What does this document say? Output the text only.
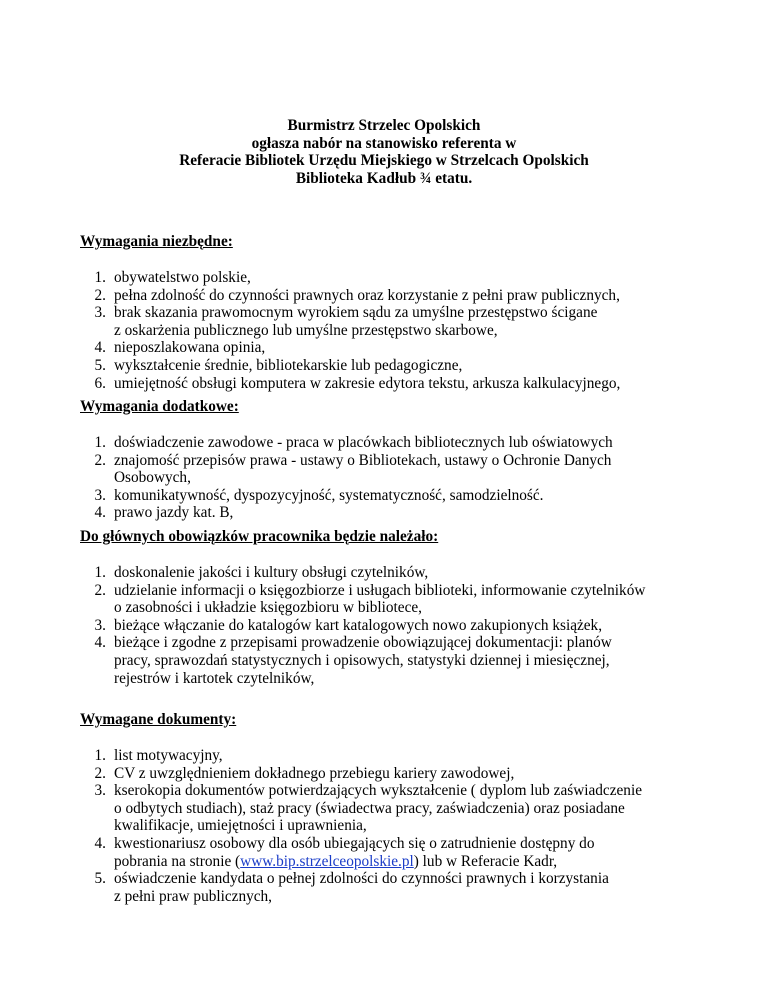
Burmistrz Strzelec Opolskich
ogłasza nabór na stanowisko referenta w
Referacie Bibliotek Urzędu Miejskiego w Strzelcach Opolskich
Biblioteka Kadłub ¾ etatu.
Wymagania niezbędne:
1. obywatelstwo polskie,
2. pełna zdolność do czynności prawnych oraz korzystanie z pełni praw publicznych,
3. brak skazania prawomocnym wyrokiem sądu za umyślne przestępstwo ścigane
z oskarżenia publicznego lub umyślne przestępstwo skarbowe,
4. nieposzlakowana opinia,
5. wykształcenie średnie, bibliotekarskie lub pedagogiczne,
6. umiejętność obsługi komputera w zakresie edytora tekstu, arkusza kalkulacyjnego,
Wymagania dodatkowe:
1. doświadczenie zawodowe - praca w placówkach bibliotecznych lub oświatowych
2. znajomość przepisów prawa - ustawy o Bibliotekach, ustawy o Ochronie Danych
Osobowych,
3. komunikatywność, dyspozycyjność, systematyczność, samodzielność.
4. prawo jazdy kat. B,
Do głównych obowiązków pracownika będzie należało:
1. doskonalenie jakości i kultury obsługi czytelników,
2. udzielanie informacji o księgozbiorze i usługach biblioteki, informowanie czytelników
o zasobności i układzie księgozbioru w bibliotece,
3. bieżące włączanie do katalogów kart katalogowych nowo zakupionych książek,
4. bieżące i zgodne z przepisami prowadzenie obowiązującej dokumentacji: planów
pracy, sprawozdań statystycznych i opisowych, statystyki dziennej i miesięcznej,
rejestrów i kartotek czytelników,
Wymagane dokumenty:
1. list motywacyjny,
2. CV z uwzględnieniem dokładnego przebiegu kariery zawodowej,
3. kserokopia dokumentów potwierdzających wykształcenie ( dyplom lub zaświadczenie
o odbytych studiach), staż pracy (świadectwa pracy, zaświadczenia) oraz posiadane
kwalifikacje, umiejętności i uprawnienia,
4. kwestionariusz osobowy dla osób ubiegających się o zatrudnienie dostępny do
pobrania na stronie (www.bip.strzelceopolskie.pl) lub w Referacie Kadr,
5. oświadczenie kandydata o pełnej zdolności do czynności prawnych i korzystania
z pełni praw publicznych,
